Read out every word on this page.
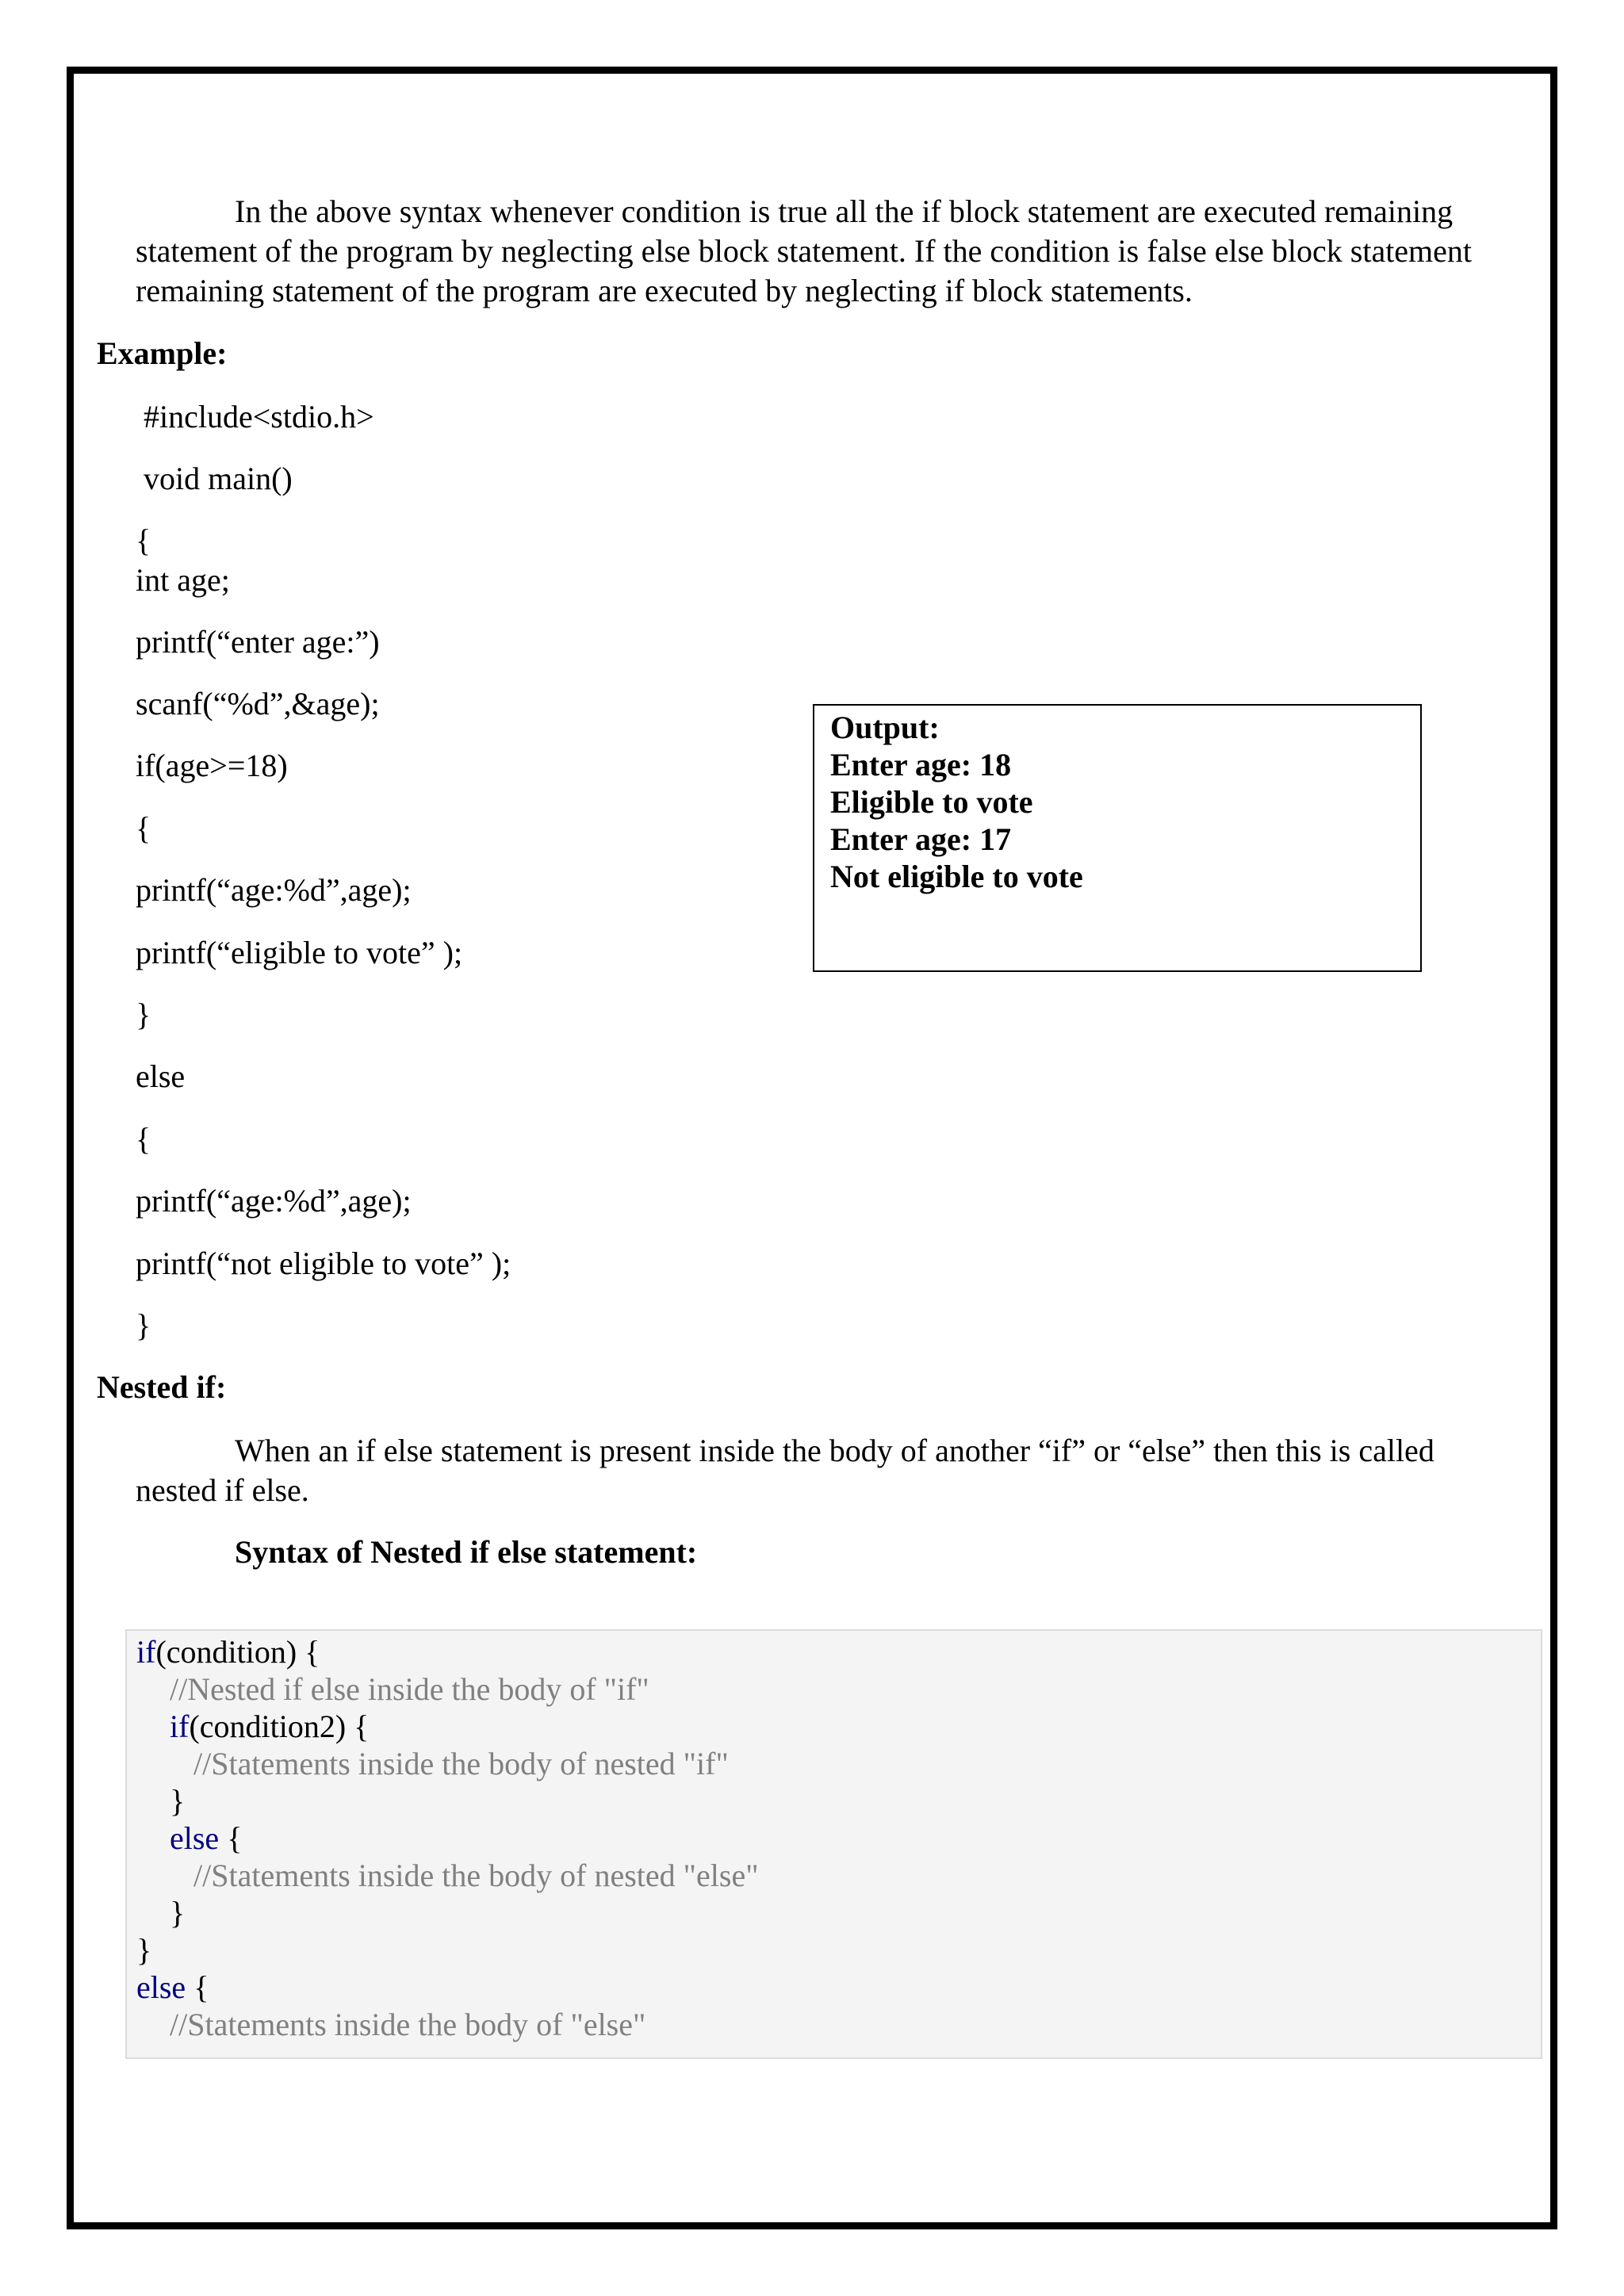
In the above syntax whenever condition is true all the if block statement are executed remaining
statement of the program by neglecting else block statement. If the condition is false else block statement
remaining statement of the program are executed by neglecting if block statements.
Example:
#include<stdio.h>
void main()
{
int age;
printf(“enter age:”)
scanf(“%d”,&age);
if(age>=18)
{
printf(“age:%d”,age);
printf(“eligible to vote” );
}
else
{
printf(“age:%d”,age);
printf(“not eligible to vote” );
}
Output:
Enter age: 18
Eligible to vote
Enter age: 17
Not eligible to vote
Nested if:
When an if else statement is present inside the body of another “if” or “else” then this is called
nested if else.
Syntax of Nested if else statement:
if(condition) {
//Nested if else inside the body of "if"
if(condition2) {
//Statements inside the body of nested "if"
}
else {
//Statements inside the body of nested "else"
}
}
else {
//Statements inside the body of "else"
